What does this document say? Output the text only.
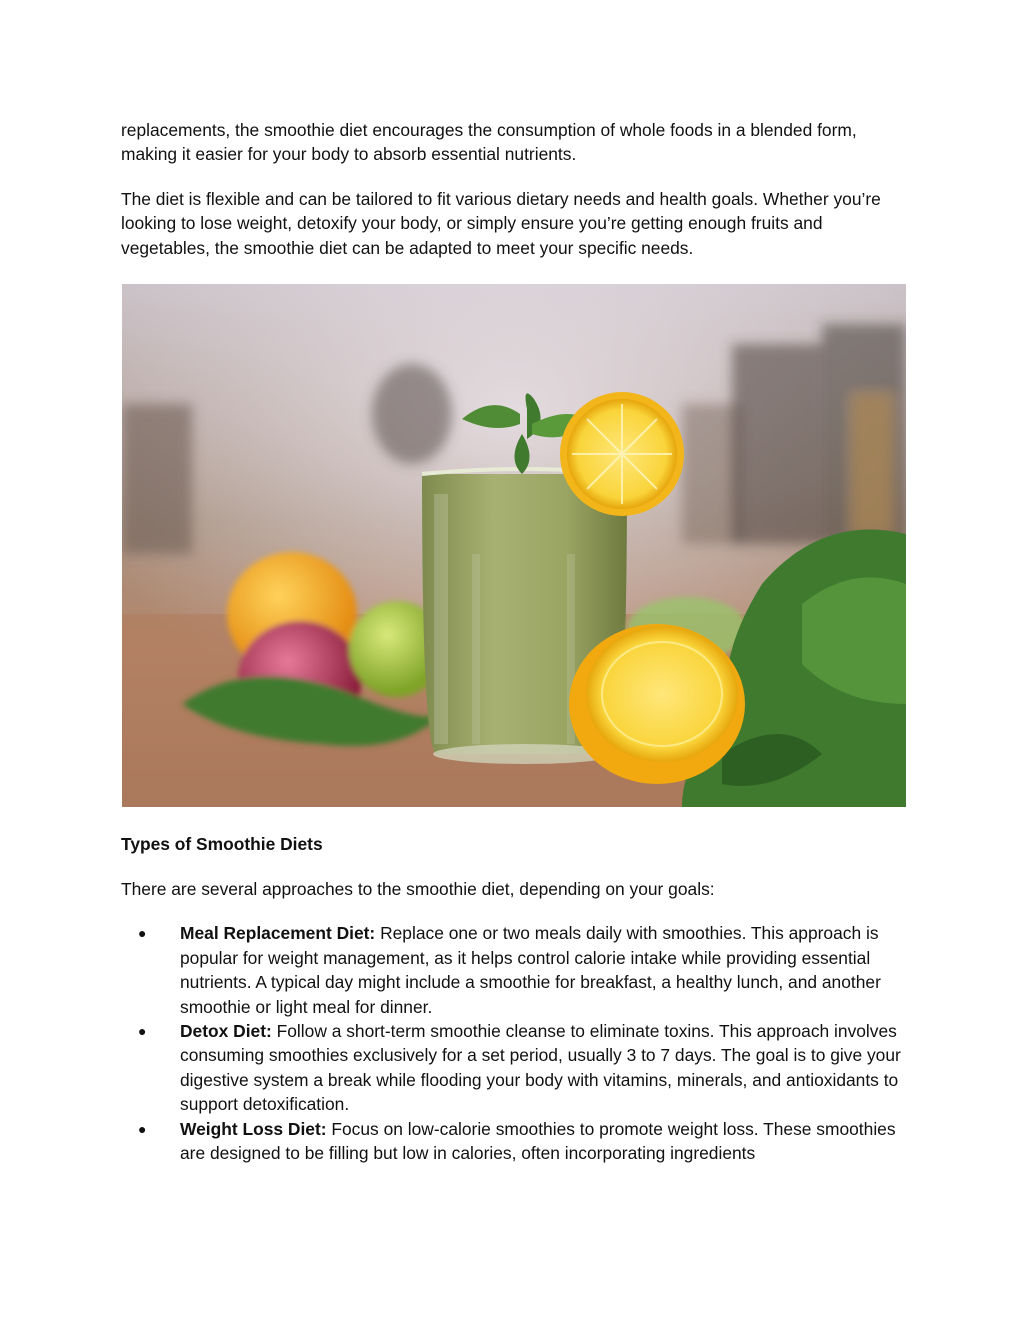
replacements, the smoothie diet encourages the consumption of whole foods in a blended form, making it easier for your body to absorb essential nutrients.

The diet is flexible and can be tailored to fit various dietary needs and health goals. Whether you’re looking to lose weight, detoxify your body, or simply ensure you’re getting enough fruits and vegetables, the smoothie diet can be adapted to meet your specific needs.

Types of Smoothie Diets

There are several approaches to the smoothie diet, depending on your goals:

● Meal Replacement Diet: Replace one or two meals daily with smoothies. This approach is popular for weight management, as it helps control calorie intake while providing essential nutrients. A typical day might include a smoothie for breakfast, a healthy lunch, and another smoothie or light meal for dinner.
● Detox Diet: Follow a short-term smoothie cleanse to eliminate toxins. This approach involves consuming smoothies exclusively for a set period, usually 3 to 7 days. The goal is to give your digestive system a break while flooding your body with vitamins, minerals, and antioxidants to support detoxification.
● Weight Loss Diet: Focus on low-calorie smoothies to promote weight loss. These smoothies are designed to be filling but low in calories, often incorporating ingredients
